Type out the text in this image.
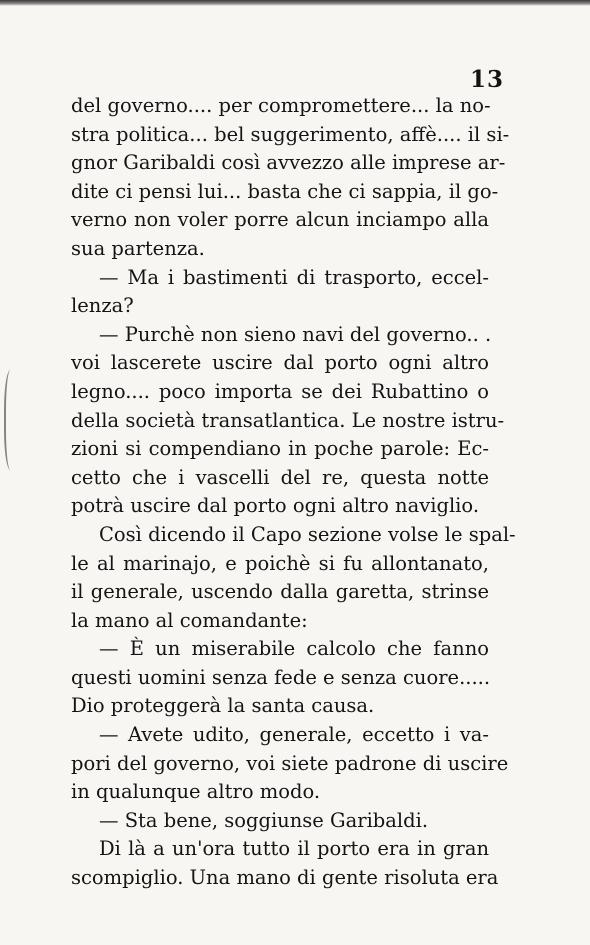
13
del governo.... per compromettere... la no-
stra politica... bel suggerimento, affè.... il si-
gnor Garibaldi così avvezzo alle imprese ar-
dite ci pensi lui... basta che ci sappia, il go-
verno non voler porre alcun inciampo alla
sua partenza.
— Ma i bastimenti di trasporto, eccel-
lenza?
— Purchè non sieno navi del governo.. .
voi lascerete uscire dal porto ogni altro
legno.... poco importa se dei Rubattino o
della società transatlantica. Le nostre istru-
zioni si compendiano in poche parole: Ec-
cetto che i vascelli del re, questa notte
potrà uscire dal porto ogni altro naviglio.
Così dicendo il Capo sezione volse le spal-
le al marinajo, e poichè si fu allontanato,
il generale, uscendo dalla garetta, strinse
la mano al comandante:
— È un miserabile calcolo che fanno
questi uomini senza fede e senza cuore.....
Dio proteggerà la santa causa.
— Avete udito, generale, eccetto i va-
pori del governo, voi siete padrone di uscire
in qualunque altro modo.
— Sta bene, soggiunse Garibaldi.
Di là a un'ora tutto il porto era in gran
scompiglio. Una mano di gente risoluta era
